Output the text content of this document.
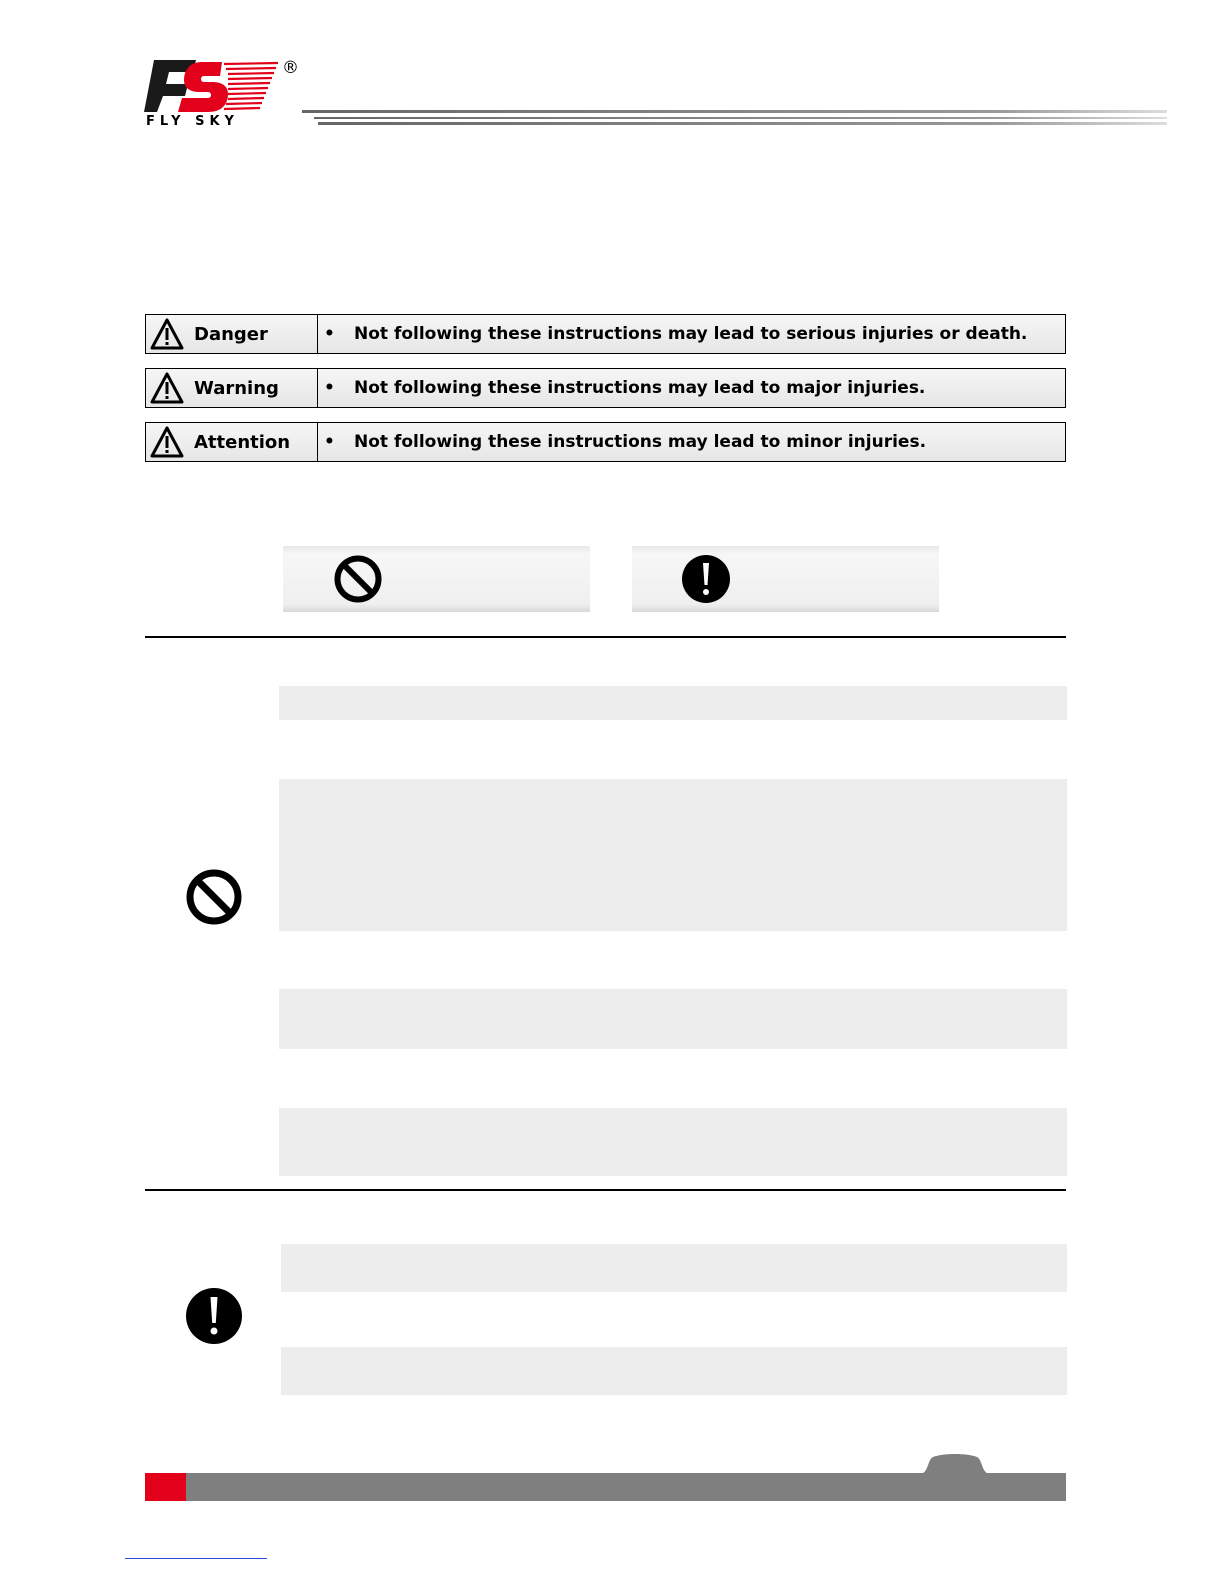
®
FLY SKY
Danger	•	Not following these instructions may lead to serious injuries or death.
Warning	•	Not following these instructions may lead to major injuries.
Attention •	Not following these instructions may lead to minor injuries.
